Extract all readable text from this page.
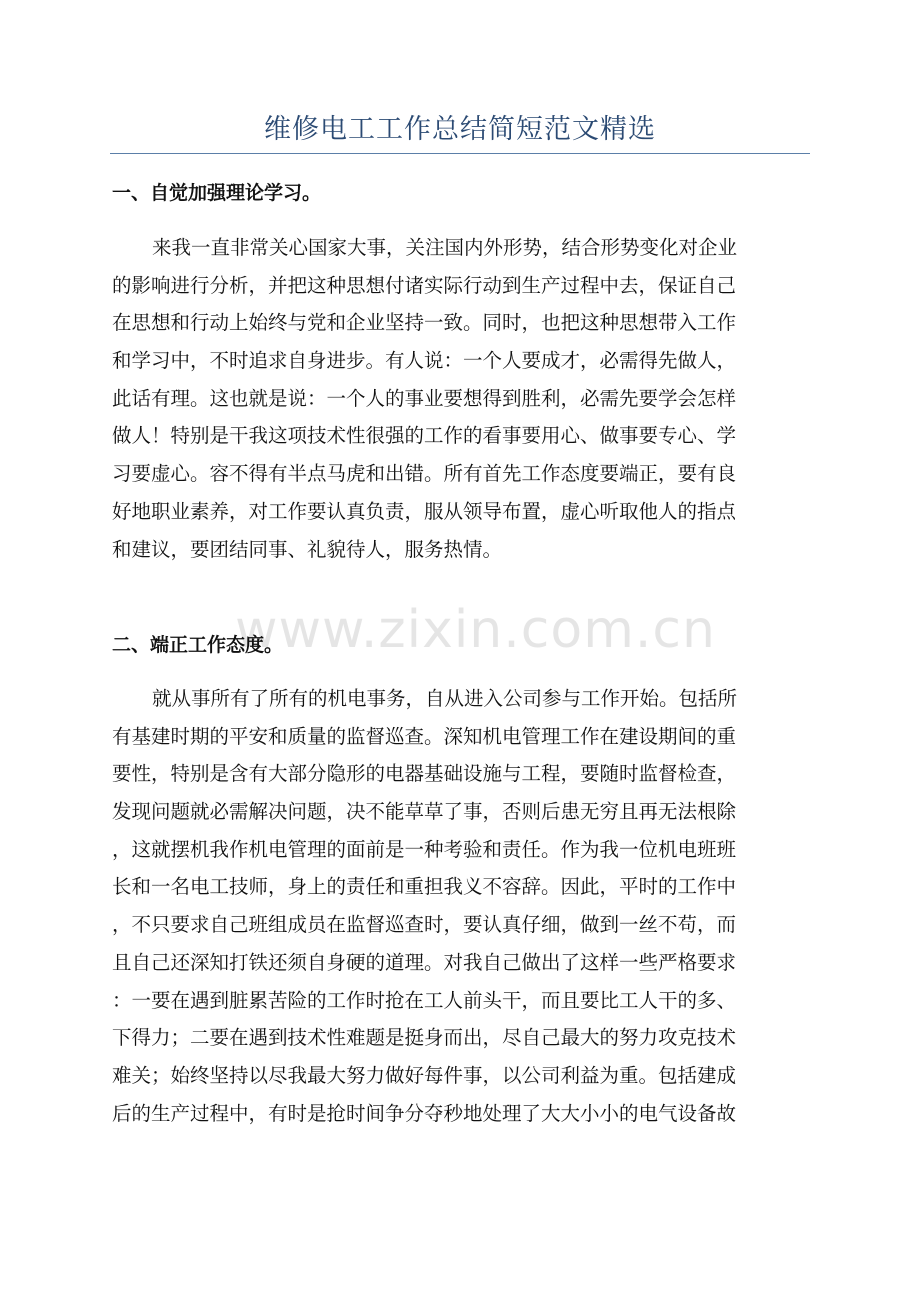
维修电工工作总结简短范文精选
www.zixin.com.cn
一、自觉加强理论学习。
来我一直非常关心国家大事，关注国内外形势，结合形势变化对企业
的影响进行分析，并把这种思想付诸实际行动到生产过程中去，保证自己
在思想和行动上始终与党和企业坚持一致。同时，也把这种思想带入工作
和学习中，不时追求自身进步。有人说：一个人要成才，必需得先做人，
此话有理。这也就是说：一个人的事业要想得到胜利，必需先要学会怎样
做人！特别是干我这项技术性很强的工作的看事要用心、做事要专心、学
习要虚心。容不得有半点马虎和出错。所有首先工作态度要端正，要有良
好地职业素养，对工作要认真负责，服从领导布置，虚心听取他人的指点
和建议，要团结同事、礼貌待人，服务热情。
二、端正工作态度。
就从事所有了所有的机电事务，自从进入公司参与工作开始。包括所
有基建时期的平安和质量的监督巡查。深知机电管理工作在建设期间的重
要性，特别是含有大部分隐形的电器基础设施与工程，要随时监督检查，
发现问题就必需解决问题，决不能草草了事，否则后患无穷且再无法根除
，这就摆机我作机电管理的面前是一种考验和责任。作为我一位机电班班
长和一名电工技师，身上的责任和重担我义不容辞。因此，平时的工作中
，不只要求自己班组成员在监督巡查时，要认真仔细，做到一丝不苟，而
且自己还深知打铁还须自身硬的道理。对我自己做出了这样一些严格要求
：一要在遇到脏累苦险的工作时抢在工人前头干，而且要比工人干的多、
下得力；二要在遇到技术性难题是挺身而出，尽自己最大的努力攻克技术
难关；始终坚持以尽我最大努力做好每件事，以公司利益为重。包括建成
后的生产过程中，有时是抢时间争分夺秒地处理了大大小小的电气设备故
